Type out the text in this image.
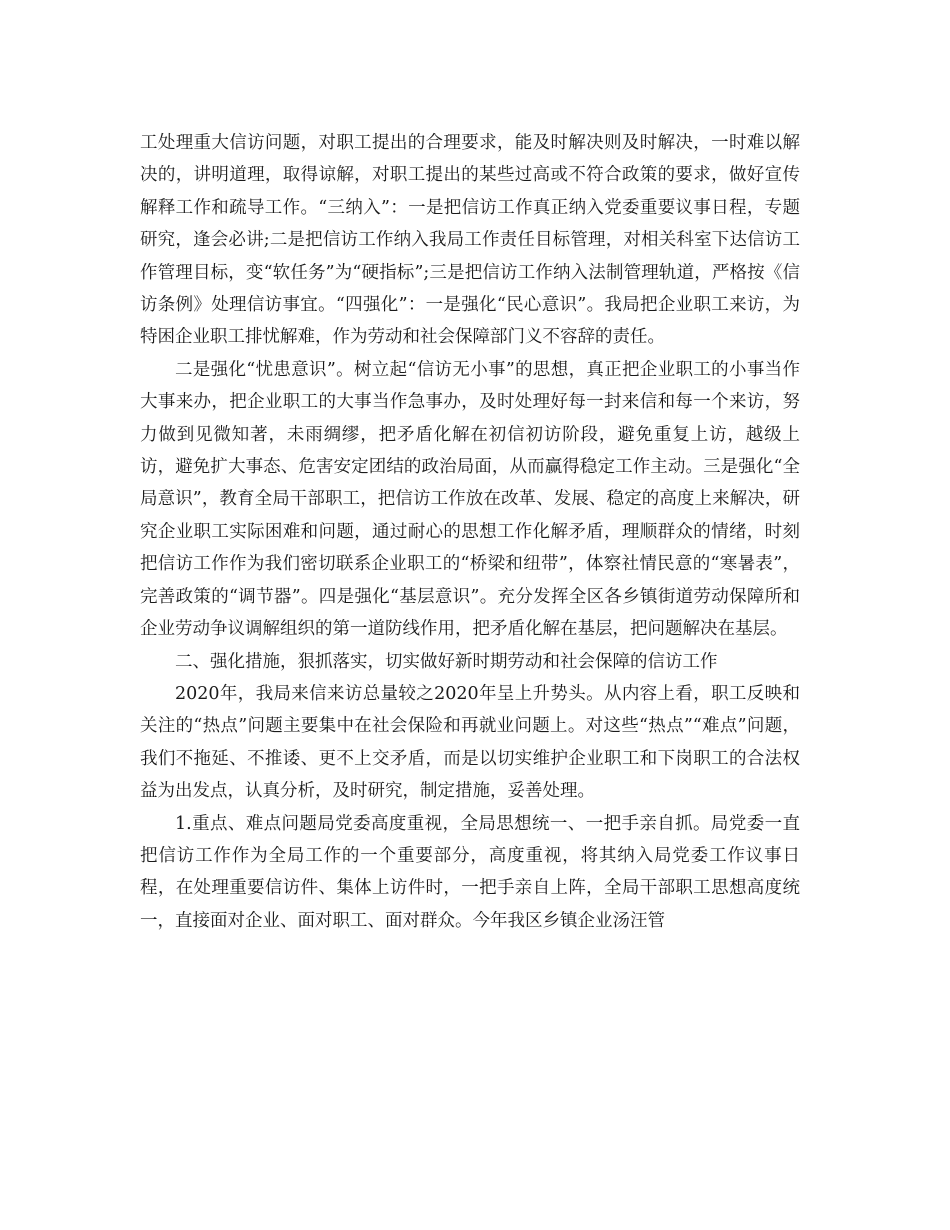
工处理重大信访问题，对职工提出的合理要求，能及时解决则及时解决，一时难以解决的，讲明道理，取得谅解，对职工提出的某些过高或不符合政策的要求，做好宣传解释工作和疏导工作。“三纳入”：一是把信访工作真正纳入党委重要议事日程，专题研究，逢会必讲;二是把信访工作纳入我局工作责任目标管理，对相关科室下达信访工作管理目标，变“软任务”为“硬指标”;三是把信访工作纳入法制管理轨道，严格按《信访条例》处理信访事宜。“四强化”：一是强化“民心意识”。我局把企业职工来访，为特困企业职工排忧解难，作为劳动和社会保障部门义不容辞的责任。

二是强化“忧患意识”。树立起“信访无小事”的思想，真正把企业职工的小事当作大事来办，把企业职工的大事当作急事办，及时处理好每一封来信和每一个来访，努力做到见微知著，未雨绸缪，把矛盾化解在初信初访阶段，避免重复上访，越级上访，避免扩大事态、危害安定团结的政治局面，从而赢得稳定工作主动。三是强化“全局意识”，教育全局干部职工，把信访工作放在改革、发展、稳定的高度上来解决，研究企业职工实际困难和问题，通过耐心的思想工作化解矛盾，理顺群众的情绪，时刻把信访工作作为我们密切联系企业职工的“桥梁和纽带”，体察社情民意的“寒暑表”，完善政策的“调节器”。四是强化“基层意识”。充分发挥全区各乡镇街道劳动保障所和企业劳动争议调解组织的第一道防线作用，把矛盾化解在基层，把问题解决在基层。

二、强化措施，狠抓落实，切实做好新时期劳动和社会保障的信访工作

2020年，我局来信来访总量较之2020年呈上升势头。从内容上看，职工反映和关注的“热点”问题主要集中在社会保险和再就业问题上。对这些“热点”“难点”问题，我们不拖延、不推诿、更不上交矛盾，而是以切实维护企业职工和下岗职工的合法权益为出发点，认真分析，及时研究，制定措施，妥善处理。

1.重点、难点问题局党委高度重视，全局思想统一、一把手亲自抓。局党委一直把信访工作作为全局工作的一个重要部分，高度重视，将其纳入局党委工作议事日程，在处理重要信访件、集体上访件时，一把手亲自上阵，全局干部职工思想高度统一，直接面对企业、面对职工、面对群众。今年我区乡镇企业汤汪管
